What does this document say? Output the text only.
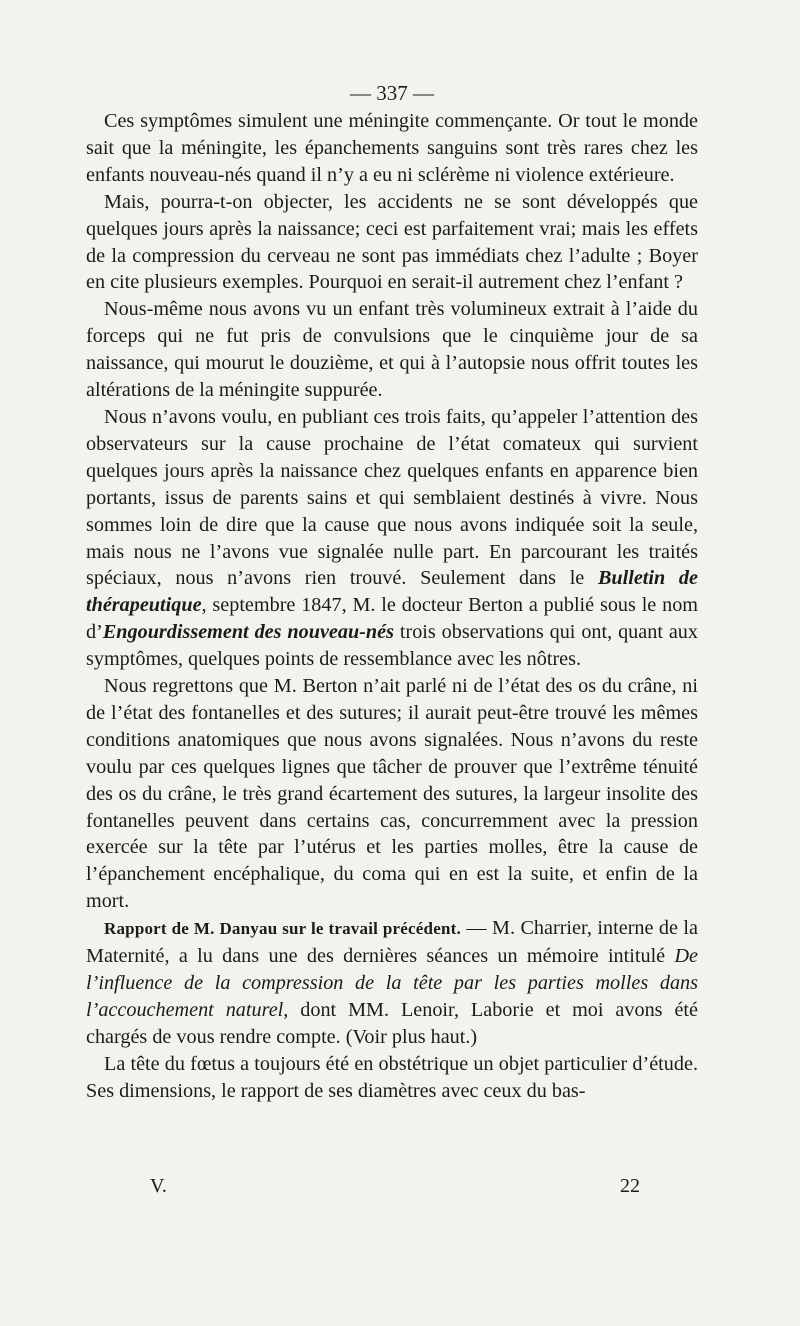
— 337 —

Ces symptômes simulent une méningite commençante. Or tout le monde sait que la méningite, les épanchements sanguins sont très rares chez les enfants nouveau-nés quand il n’y a eu ni sclérème ni violence extérieure.

Mais, pourra-t-on objecter, les accidents ne se sont développés que quelques jours après la naissance; ceci est parfaitement vrai; mais les effets de la compression du cerveau ne sont pas immédiats chez l’adulte ; Boyer en cite plusieurs exemples. Pourquoi en serait-il autrement chez l’enfant ?

Nous-même nous avons vu un enfant très volumineux extrait à l’aide du forceps qui ne fut pris de convulsions que le cinquième jour de sa naissance, qui mourut le douzième, et qui à l’autopsie nous offrit toutes les altérations de la méningite suppurée.

Nous n’avons voulu, en publiant ces trois faits, qu’appeler l’attention des observateurs sur la cause prochaine de l’état comateux qui survient quelques jours après la naissance chez quelques enfants en apparence bien portants, issus de parents sains et qui semblaient destinés à vivre. Nous sommes loin de dire que la cause que nous avons indiquée soit la seule, mais nous ne l’avons vue signalée nulle part. En parcourant les traités spéciaux, nous n’avons rien trouvé. Seulement dans le Bulletin de thérapeutique, septembre 1847, M. le docteur Berton a publié sous le nom d’Engourdissement des nouveau-nés trois observations qui ont, quant aux symptômes, quelques points de ressemblance avec les nôtres.

Nous regrettons que M. Berton n’ait parlé ni de l’état des os du crâne, ni de l’état des fontanelles et des sutures; il aurait peut-être trouvé les mêmes conditions anatomiques que nous avons signalées. Nous n’avons du reste voulu par ces quelques lignes que tâcher de prouver que l’extrême ténuité des os du crâne, le très grand écartement des sutures, la largeur insolite des fontanelles peuvent dans certains cas, concurremment avec la pression exercée sur la tête par l’utérus et les parties molles, être la cause de l’épanchement encéphalique, du coma qui en est la suite, et enfin de la mort.

Rapport de M. Danyau sur le travail précédent. — M. Charrier, interne de la Maternité, a lu dans une des dernières séances un mémoire intitulé De l’influence de la compression de la tête par les parties molles dans l’accouchement naturel, dont MM. Lenoir, Laborie et moi avons été chargés de vous rendre compte. (Voir plus haut.)

La tête du fœtus a toujours été en obstétrique un objet particulier d’étude. Ses dimensions, le rapport de ses diamètres avec ceux du bas-

V.	22
